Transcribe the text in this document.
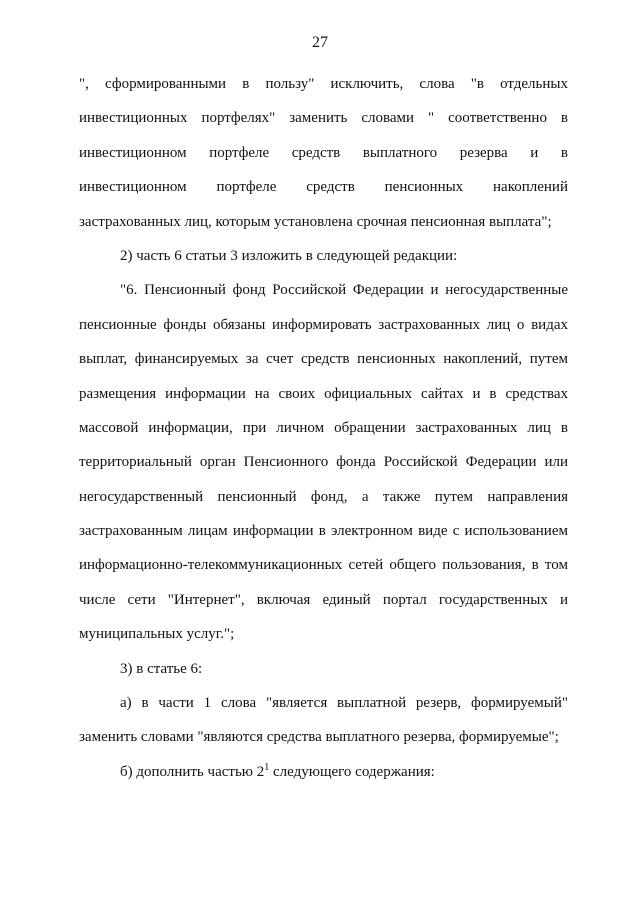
27
", сформированными в пользу" исключить, слова "в отдельных
инвестиционных портфелях" заменить словами " соответственно в
инвестиционном портфеле средств выплатного резерва и в
инвестиционном портфеле средств пенсионных накоплений
застрахованных лиц, которым установлена срочная пенсионная выплата";
2) часть 6 статьи 3 изложить в следующей редакции:
"6. Пенсионный фонд Российской Федерации и негосударственные
пенсионные фонды обязаны информировать застрахованных лиц о видах
выплат, финансируемых за счет средств пенсионных накоплений, путем
размещения информации на своих официальных сайтах и в средствах
массовой информации, при личном обращении застрахованных лиц в
территориальный орган Пенсионного фонда Российской Федерации или
негосударственный пенсионный фонд, а также путем направления
застрахованным лицам информации в электронном виде с использованием
информационно-телекоммуникационных сетей общего пользования, в том
числе сети "Интернет", включая единый портал государственных и
муниципальных услуг.";
3) в статье 6:
а) в части 1 слова "является выплатной резерв, формируемый"
заменить словами "являются средства выплатного резерва, формируемые";
б) дополнить частью $2^1$ следующего содержания:
